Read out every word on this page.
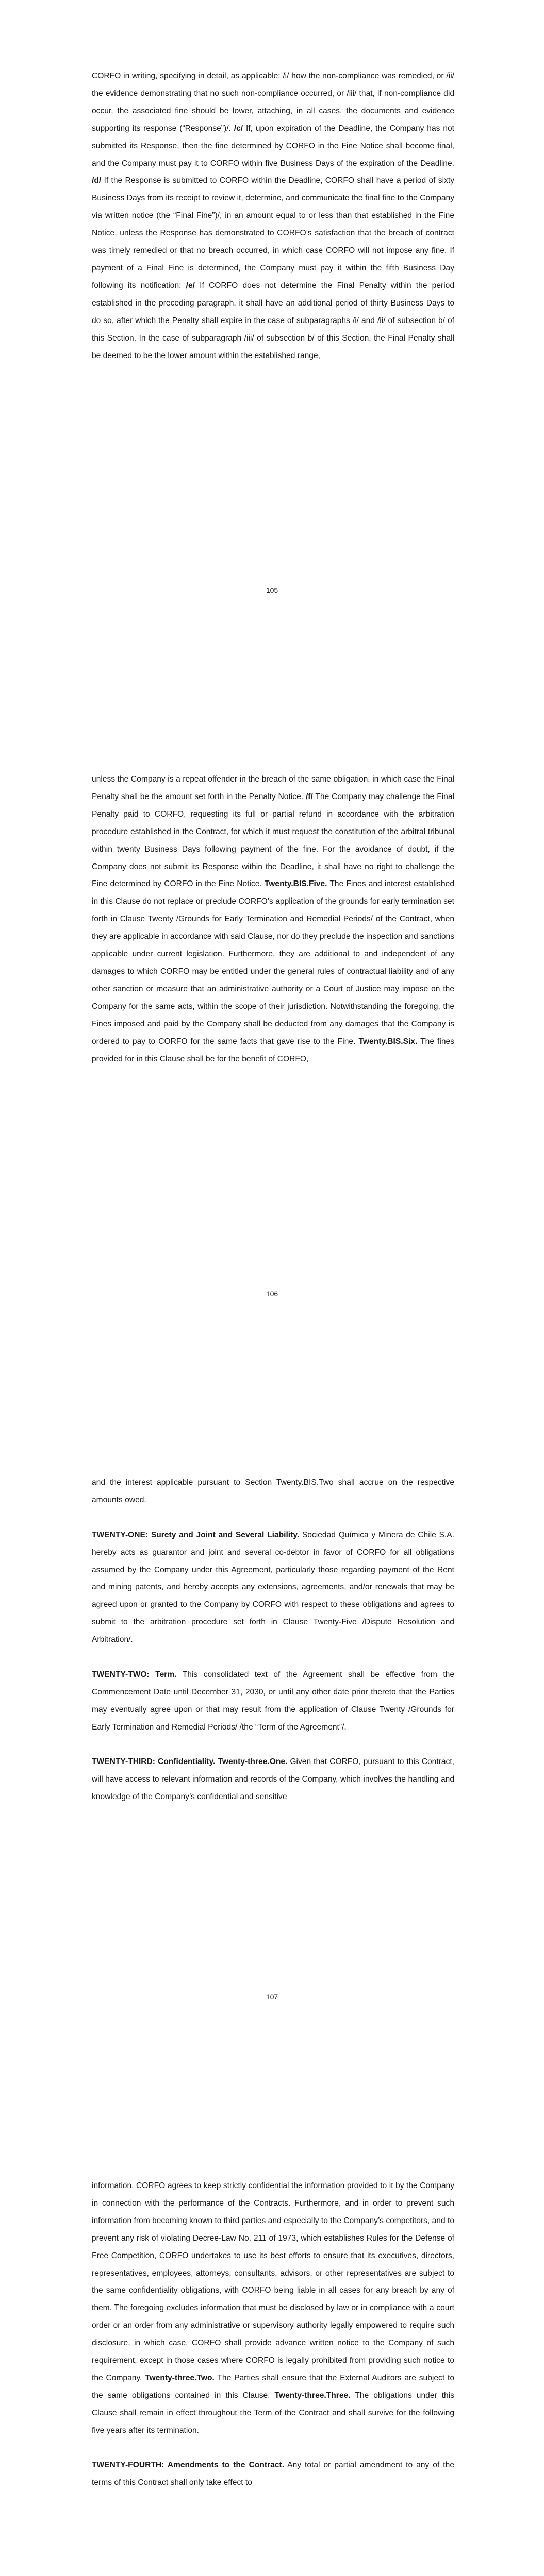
CORFO in writing, specifying in detail, as applicable: /i/ how the non-compliance was remedied, or /ii/ the evidence demonstrating that no such non-compliance occurred, or /iii/ that, if non-compliance did occur, the associated fine should be lower, attaching, in all cases, the documents and evidence supporting its response (“Response”)/. /c/ If, upon expiration of the Deadline, the Company has not submitted its Response, then the fine determined by CORFO in the Fine Notice shall become final, and the Company must pay it to CORFO within five Business Days of the expiration of the Deadline. /d/ If the Response is submitted to CORFO within the Deadline, CORFO shall have a period of sixty Business Days from its receipt to review it, determine, and communicate the final fine to the Company via written notice (the “Final Fine”)/, in an amount equal to or less than that established in the Fine Notice, unless the Response has demonstrated to CORFO’s satisfaction that the breach of contract was timely remedied or that no breach occurred, in which case CORFO will not impose any fine. If payment of a Final Fine is determined, the Company must pay it within the fifth Business Day following its notification; /e/ If CORFO does not determine the Final Penalty within the period established in the preceding paragraph, it shall have an additional period of thirty Business Days to do so, after which the Penalty shall expire in the case of subparagraphs /i/ and /ii/ of subsection b/ of this Section. In the case of subparagraph /iii/ of subsection b/ of this Section, the Final Penalty shall be deemed to be the lower amount within the established range,

105

unless the Company is a repeat offender in the breach of the same obligation, in which case the Final Penalty shall be the amount set forth in the Penalty Notice. /f/ The Company may challenge the Final Penalty paid to CORFO, requesting its full or partial refund in accordance with the arbitration procedure established in the Contract, for which it must request the constitution of the arbitral tribunal within twenty Business Days following payment of the fine. For the avoidance of doubt, if the Company does not submit its Response within the Deadline, it shall have no right to challenge the Fine determined by CORFO in the Fine Notice. Twenty.BIS.Five. The Fines and interest established in this Clause do not replace or preclude CORFO’s application of the grounds for early termination set forth in Clause Twenty /Grounds for Early Termination and Remedial Periods/ of the Contract, when they are applicable in accordance with said Clause, nor do they preclude the inspection and sanctions applicable under current legislation. Furthermore, they are additional to and independent of any damages to which CORFO may be entitled under the general rules of contractual liability and of any other sanction or measure that an administrative authority or a Court of Justice may impose on the Company for the same acts, within the scope of their jurisdiction. Notwithstanding the foregoing, the Fines imposed and paid by the Company shall be deducted from any damages that the Company is ordered to pay to CORFO for the same facts that gave rise to the Fine. Twenty.BIS.Six. The fines provided for in this Clause shall be for the benefit of CORFO,

106

and the interest applicable pursuant to Section Twenty.BIS.Two shall accrue on the respective amounts owed.

TWENTY-ONE: Surety and Joint and Several Liability. Sociedad Química y Minera de Chile S.A. hereby acts as guarantor and joint and several co-debtor in favor of CORFO for all obligations assumed by the Company under this Agreement, particularly those regarding payment of the Rent and mining patents, and hereby accepts any extensions, agreements, and/or renewals that may be agreed upon or granted to the Company by CORFO with respect to these obligations and agrees to submit to the arbitration procedure set forth in Clause Twenty-Five /Dispute Resolution and Arbitration/.

TWENTY-TWO: Term. This consolidated text of the Agreement shall be effective from the Commencement Date until December 31, 2030, or until any other date prior thereto that the Parties may eventually agree upon or that may result from the application of Clause Twenty /Grounds for Early Termination and Remedial Periods/ /the “Term of the Agreement”/.

TWENTY-THIRD: Confidentiality. Twenty-three.One. Given that CORFO, pursuant to this Contract, will have access to relevant information and records of the Company, which involves the handling and knowledge of the Company’s confidential and sensitive

107

information, CORFO agrees to keep strictly confidential the information provided to it by the Company in connection with the performance of the Contracts. Furthermore, and in order to prevent such information from becoming known to third parties and especially to the Company’s competitors, and to prevent any risk of violating Decree-Law No. 211 of 1973, which establishes Rules for the Defense of Free Competition, CORFO undertakes to use its best efforts to ensure that its executives, directors, representatives, employees, attorneys, consultants, advisors, or other representatives are subject to the same confidentiality obligations, with CORFO being liable in all cases for any breach by any of them. The foregoing excludes information that must be disclosed by law or in compliance with a court order or an order from any administrative or supervisory authority legally empowered to require such disclosure, in which case, CORFO shall provide advance written notice to the Company of such requirement, except in those cases where CORFO is legally prohibited from providing such notice to the Company. Twenty-three.Two. The Parties shall ensure that the External Auditors are subject to the same obligations contained in this Clause. Twenty-three.Three. The obligations under this Clause shall remain in effect throughout the Term of the Contract and shall survive for the following five years after its termination.

TWENTY-FOURTH: Amendments to the Contract. Any total or partial amendment to any of the terms of this Contract shall only take effect to
